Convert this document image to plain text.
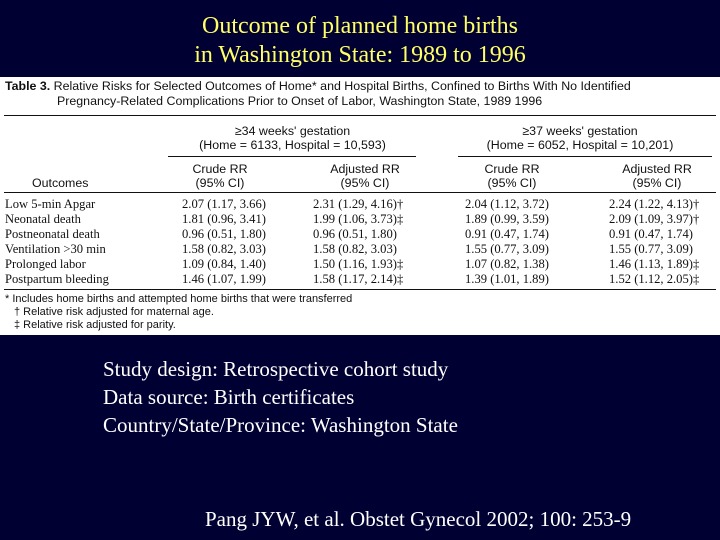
Outcome of planned home births
in Washington State: 1989 to 1996
Table 3. Relative Risks for Selected Outcomes of Home* and Hospital Births, Confined to Births With No Identified
Pregnancy-Related Complications Prior to Onset of Labor, Washington State, 1989 1996
≥34 weeks' gestation
(Home = 6133, Hospital = 10,593)
≥37 weeks' gestation
(Home = 6052, Hospital = 10,201)
Crude RR
(95% CI)
Adjusted RR
(95% CI)
Crude RR
(95% CI)
Adjusted RR
(95% CI)
Outcomes
Low 5-min Apgar	2.07 (1.17, 3.66)	2.31 (1.29, 4.16)†	2.04 (1.12, 3.72)	2.24 (1.22, 4.13)†
Neonatal death	1.81 (0.96, 3.41)	1.99 (1.06, 3.73)‡	1.89 (0.99, 3.59)	2.09 (1.09, 3.97)†
Postneonatal death	0.96 (0.51, 1.80)	0.96 (0.51, 1.80)	0.91 (0.47, 1.74)	0.91 (0.47, 1.74)
Ventilation >30 min	1.58 (0.82, 3.03)	1.58 (0.82, 3.03)	1.55 (0.77, 3.09)	1.55 (0.77, 3.09)
Prolonged labor	1.09 (0.84, 1.40)	1.50 (1.16, 1.93)‡	1.07 (0.82, 1.38)	1.46 (1.13, 1.89)‡
Postpartum bleeding	1.46 (1.07, 1.99)	1.58 (1.17, 2.14)‡	1.39 (1.01, 1.89)	1.52 (1.12, 2.05)‡
* Includes home births and attempted home births that were transferred
† Relative risk adjusted for maternal age.
‡ Relative risk adjusted for parity.
Study design: Retrospective cohort study
Data source: Birth certificates
Country/State/Province: Washington State
Pang JYW, et al. Obstet Gynecol 2002; 100: 253-9
